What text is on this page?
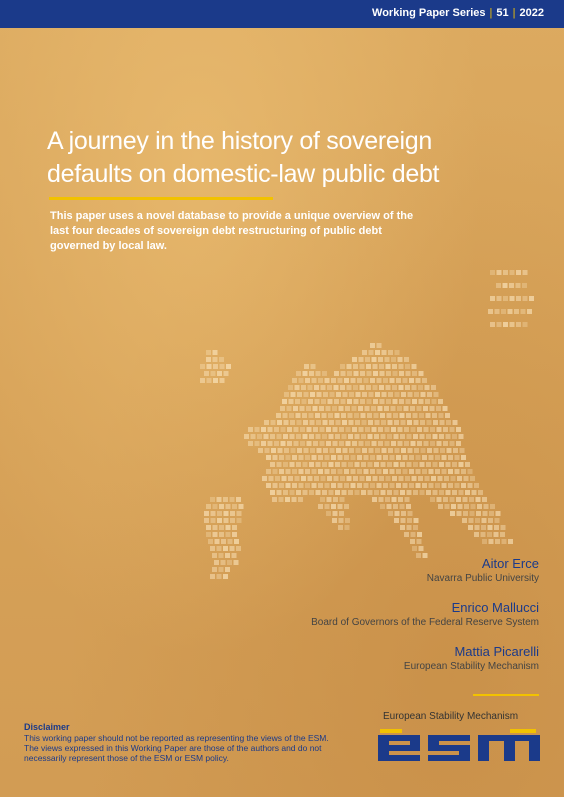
Working Paper Series | 51 | 2022
A journey in the history of sovereign defaults on domestic-law public debt

This paper uses a novel database to provide a unique overview of the last four decades of sovereign debt restructuring of public debt governed by local law.

Aitor Erce
Navarra Public University
Enrico Mallucci
Board of Governors of the Federal Reserve System
Mattia Picarelli
European Stability Mechanism
Disclaimer
This working paper should not be reported as representing the views of the ESM. The views expressed in this Working Paper are those of the authors and do not necessarily represent those of the ESM or ESM policy.
European Stability Mechanism
